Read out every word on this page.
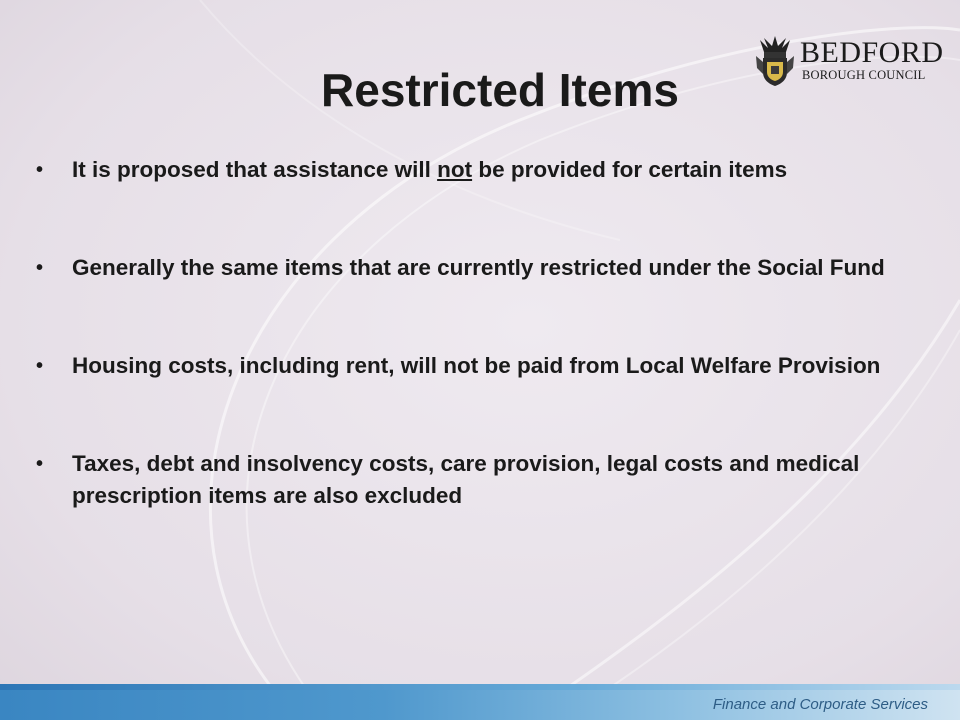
BEDFORD
BOROUGH COUNCIL
Restricted Items
• It is proposed that assistance will not be provided for certain items
• Generally the same items that are currently restricted under the Social Fund
• Housing costs, including rent, will not be paid from Local Welfare Provision
• Taxes, debt and insolvency costs, care provision, legal costs and medical prescription items are also excluded
Finance and Corporate Services
